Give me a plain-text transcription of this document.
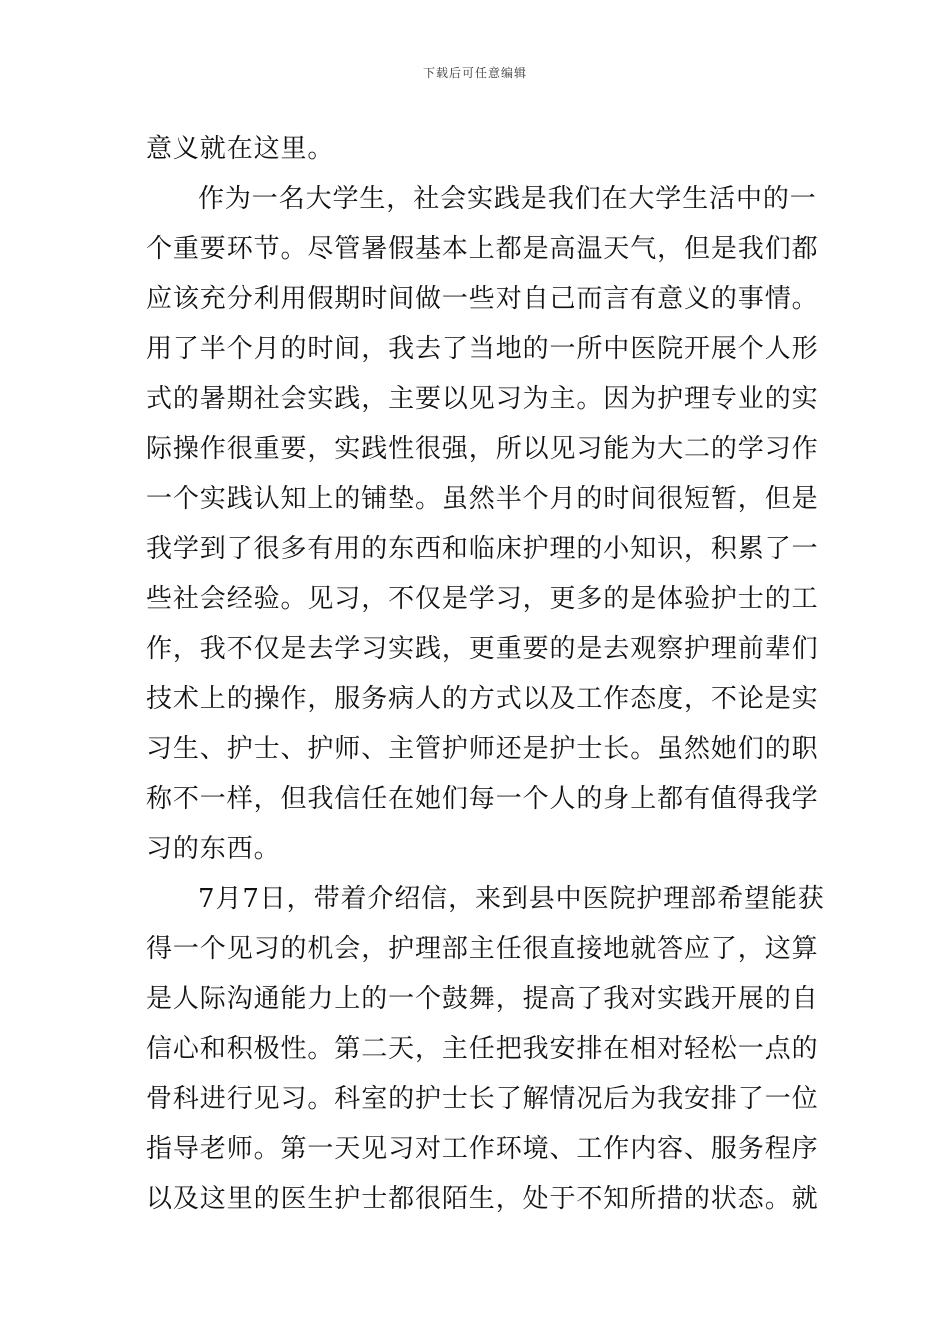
下载后可任意编辑
意义就在这里。
作为一名大学生，社会实践是我们在大学生活中的一
个重要环节。尽管暑假基本上都是高温天气，但是我们都
应该充分利用假期时间做一些对自己而言有意义的事情。
用了半个月的时间，我去了当地的一所中医院开展个人形
式的暑期社会实践，主要以见习为主。因为护理专业的实
际操作很重要，实践性很强，所以见习能为大二的学习作
一个实践认知上的铺垫。虽然半个月的时间很短暂，但是
我学到了很多有用的东西和临床护理的小知识，积累了一
些社会经验。见习，不仅是学习，更多的是体验护士的工
作，我不仅是去学习实践，更重要的是去观察护理前辈们
技术上的操作，服务病人的方式以及工作态度，不论是实
习生、护士、护师、主管护师还是护士长。虽然她们的职
称不一样，但我信任在她们每一个人的身上都有值得我学
习的东西。
7月7日，带着介绍信，来到县中医院护理部希望能获
得一个见习的机会，护理部主任很直接地就答应了，这算
是人际沟通能力上的一个鼓舞，提高了我对实践开展的自
信心和积极性。第二天，主任把我安排在相对轻松一点的
骨科进行见习。科室的护士长了解情况后为我安排了一位
指导老师。第一天见习对工作环境、工作内容、服务程序
以及这里的医生护士都很陌生，处于不知所措的状态。就
